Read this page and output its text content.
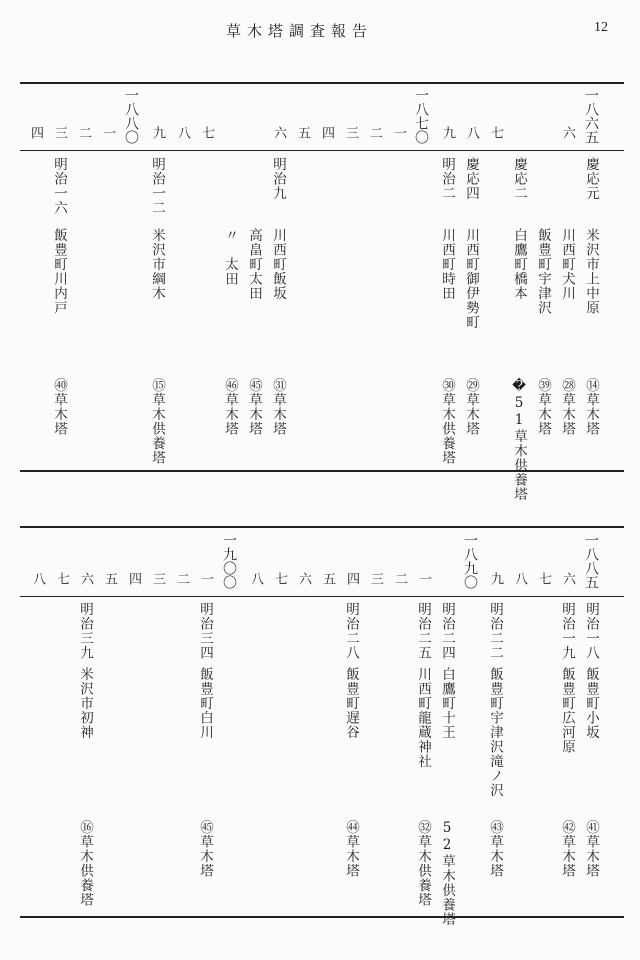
草木塔調査報告	12
一八六五
慶応元
米沢市上中原
⑭草木塔
六
川西町犬川
㉘草木塔
飯豊町宇津沢
㊴草木塔
慶応二
白鷹町橋本
�51草木供養塔
七
八
慶応四
川西町御伊勢町
㉙草木塔
九
明治二
川西町時田
㉚草木供養塔
一八七〇
一
二
三
四
五
六
明治九
川西町飯坂
㉛草木塔
高畠町太田
㊺草木塔
〃　太田
㊻草木塔
七
八
九
明治一二
米沢市綱木
⑮草木供養塔
一八八〇
一
二
三
明治一六
飯豊町川内戸
㊵草木塔
四
一八八五
明治一八
飯豊町小坂
㊶草木塔
六
明治一九
飯豊町広河原
㊷草木塔
七
八
九
明治二二
飯豊町宇津沢滝ノ沢
㊸草木塔
一八九〇
明治二四
白鷹町十王
52草木供養塔
一
明治二五
川西町龍蔵神社
㉜草木供養塔
二
三
四
明治二八
飯豊町遅谷
㊹草木塔
五
六
七
八
一九〇〇
一
明治三四
飯豊町白川
㊺草木塔
二
三
四
五
六
明治三九
米沢市初神
⑯草木供養塔
七
八
